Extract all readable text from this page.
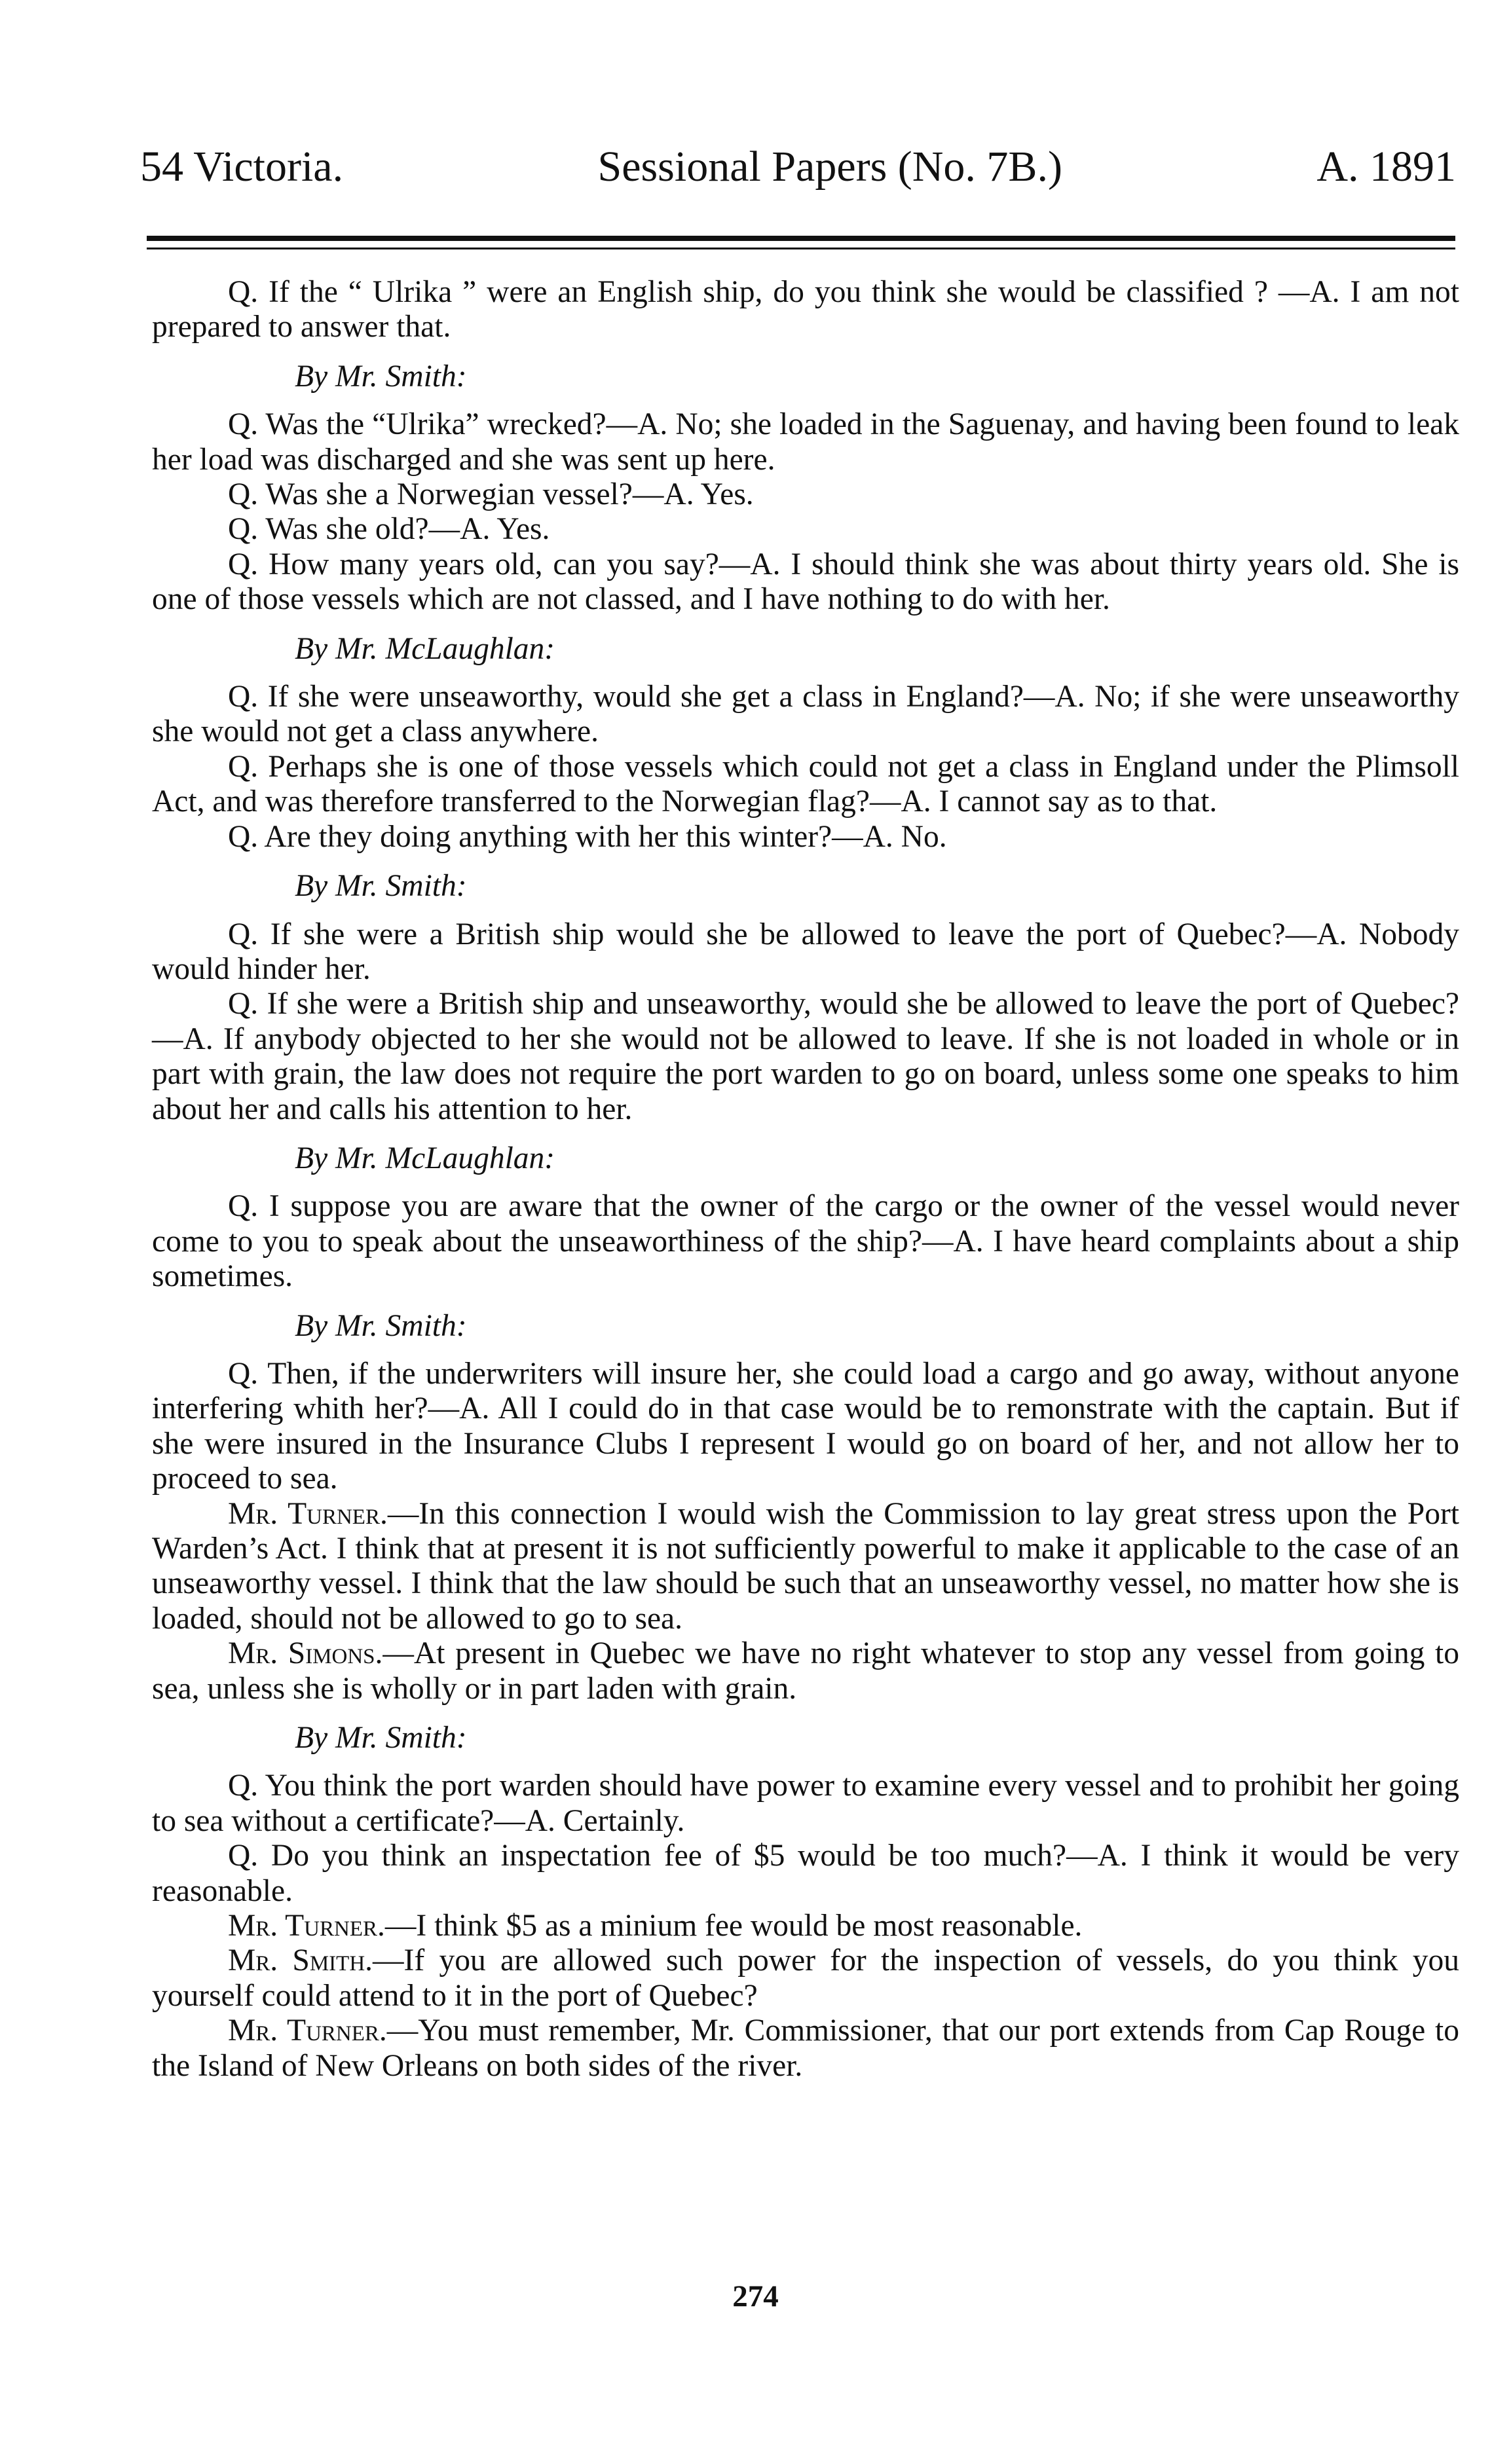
54 Victoria.	Sessional Papers (No. 7B.)	A. 1891

Q. If the “ Ulrika ” were an English ship, do you think she would be classified ? —A. I am not prepared to answer that.

By Mr. Smith:

Q. Was the “Ulrika” wrecked?—A. No; she loaded in the Saguenay, and having been found to leak her load was discharged and she was sent up here.

Q. Was she a Norwegian vessel?—A. Yes.

Q. Was she old?—A. Yes.

Q. How many years old, can you say?—A. I should think she was about thirty years old. She is one of those vessels which are not classed, and I have nothing to do with her.

By Mr. McLaughlan:

Q. If she were unseaworthy, would she get a class in England?—A. No; if she were unseaworthy she would not get a class anywhere.

Q. Perhaps she is one of those vessels which could not get a class in England under the Plimsoll Act, and was therefore transferred to the Norwegian flag?—A. I cannot say as to that.

Q. Are they doing anything with her this winter?—A. No.

By Mr. Smith:

Q. If she were a British ship would she be allowed to leave the port of Quebec?—A. Nobody would hinder her.

Q. If she were a British ship and unseaworthy, would she be allowed to leave the port of Quebec?—A. If anybody objected to her she would not be allowed to leave. If she is not loaded in whole or in part with grain, the law does not require the port warden to go on board, unless some one speaks to him about her and calls his attention to her.

By Mr. McLaughlan:

Q. I suppose you are aware that the owner of the cargo or the owner of the vessel would never come to you to speak about the unseaworthiness of the ship?—A. I have heard complaints about a ship sometimes.

By Mr. Smith:

Q. Then, if the underwriters will insure her, she could load a cargo and go away, without anyone interfering whith her?—A. All I could do in that case would be to remonstrate with the captain. But if she were insured in the Insurance Clubs I represent I would go on board of her, and not allow her to proceed to sea.

Mr. Turner.—In this connection I would wish the Commission to lay great stress upon the Port Warden’s Act. I think that at present it is not sufficiently powerful to make it applicable to the case of an unseaworthy vessel. I think that the law should be such that an unseaworthy vessel, no matter how she is loaded, should not be allowed to go to sea.

Mr. Simons.—At present in Quebec we have no right whatever to stop any vessel from going to sea, unless she is wholly or in part laden with grain.

By Mr. Smith:

Q. You think the port warden should have power to examine every vessel and to prohibit her going to sea without a certificate?—A. Certainly.

Q. Do you think an inspectation fee of $5 would be too much?—A. I think it would be very reasonable.

Mr. Turner.—I think $5 as a minium fee would be most reasonable.

Mr. Smith.—If you are allowed such power for the inspection of vessels, do you think you yourself could attend to it in the port of Quebec?

Mr. Turner.—You must remember, Mr. Commissioner, that our port extends from Cap Rouge to the Island of New Orleans on both sides of the river.

274
